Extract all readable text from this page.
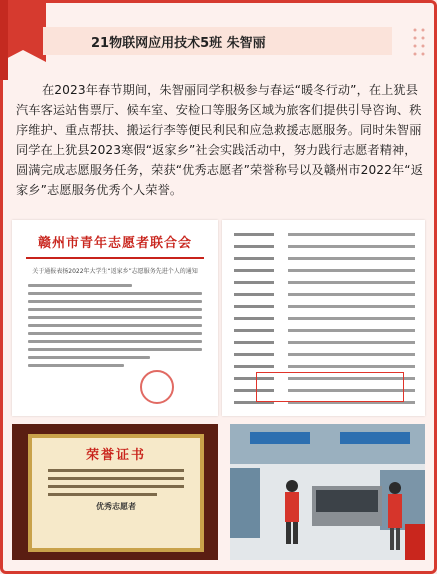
21物联网应用技术5班 朱智丽

在2023年春节期间，朱智丽同学积极参与春运“暖冬行动”，在上犹县汽车客运站售票厅、候车室、安检口等服务区域为旅客们提供引导咨询、秩序维护、重点帮扶、搬运行李等便民利民和应急救援志愿服务。同时朱智丽同学在上犹县2023寒假“返家乡”社会实践活动中，努力践行志愿者精神，圆满完成志愿服务任务，荣获“优秀志愿者”荣誉称号以及赣州市2022年“返家乡”志愿服务优秀个人荣誉。

赣州市青年志愿者联合会
关于通报表扬2022年大学生“返家乡”志愿服务先进个人的通知
荣誉证书
优秀志愿者
